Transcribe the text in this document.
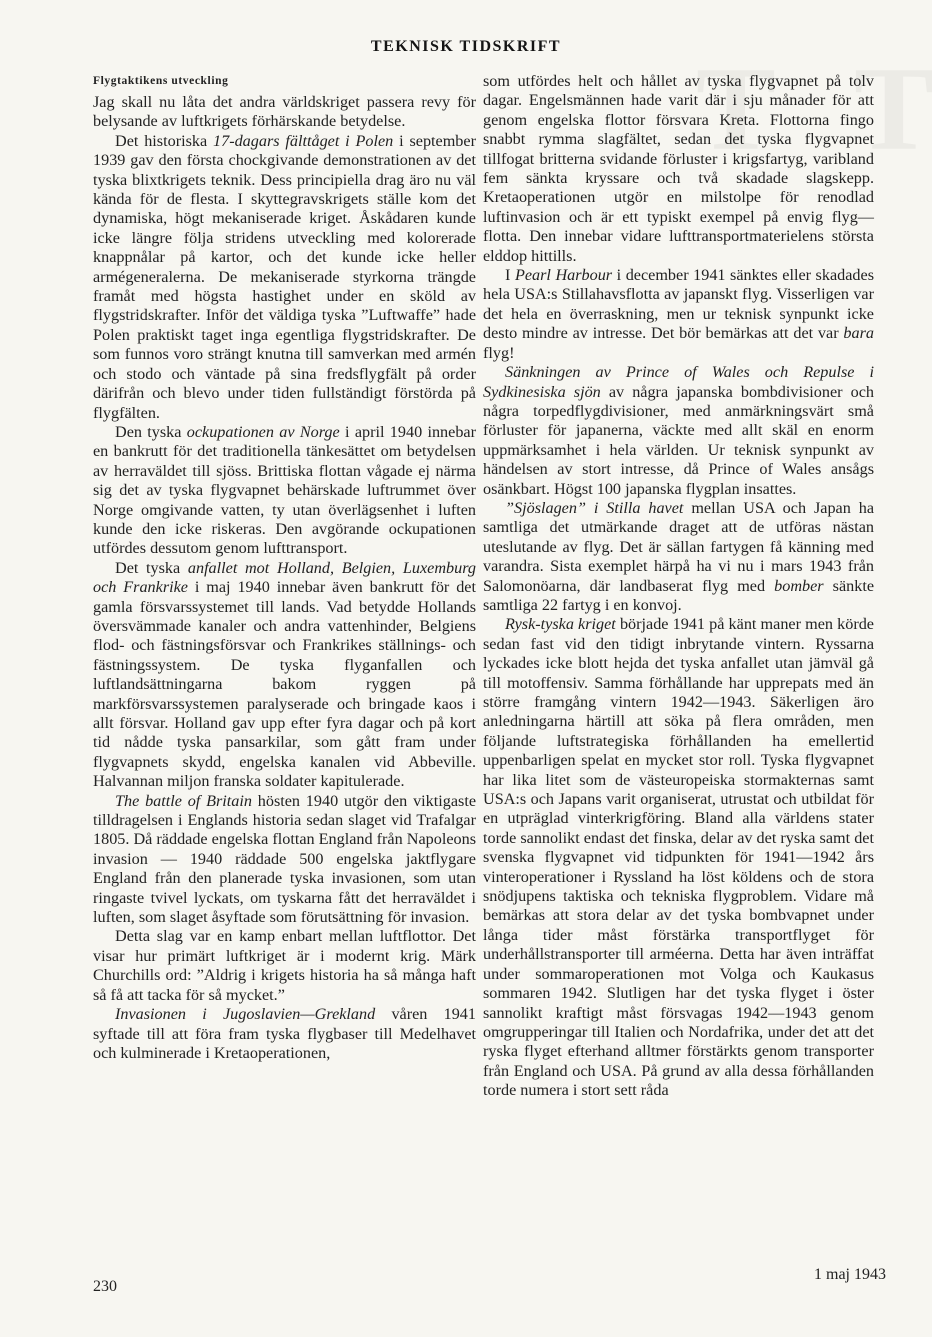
TEKNISK TIDSKRIFT
Flygtaktikens utveckling

Jag skall nu låta det andra världskriget passera revy för belysande av luftkrigets förhärskande betydelse.

Det historiska 17-dagars fälttåget i Polen i september 1939 gav den första chockgivande demonstrationen av det tyska blixtkrigets teknik. Dess principiella drag äro nu väl kända för de flesta. I skyttegravskrigets ställe kom det dynamiska, högt mekaniserade kriget. Åskådaren kunde icke längre följa stridens utveckling med kolorerade knappnålar på kartor, och det kunde icke heller armégeneralerna. De mekaniserade styrkorna trängde framåt med högsta hastighet under en sköld av flygstridskrafter. Inför det väldiga tyska ”Luftwaffe” hade Polen praktiskt taget inga egentliga flygstridskrafter. De som funnos voro strängt knutna till samverkan med armén och stodo och väntade på sina fredsflygfält på order därifrån och blevo under tiden fullständigt förstörda på flygfälten.

Den tyska ockupationen av Norge i april 1940 innebar en bankrutt för det traditionella tänkesättet om betydelsen av herraväldet till sjöss. Brittiska flottan vågade ej närma sig det av tyska flygvapnet behärskade luftrummet över Norge omgivande vatten, ty utan överlägsenhet i luften kunde den icke riskeras. Den avgörande ockupationen utfördes dessutom genom lufttransport.

Det tyska anfallet mot Holland, Belgien, Luxemburg och Frankrike i maj 1940 innebar även bankrutt för det gamla försvarssystemet till lands. Vad betydde Hollands översvämmade kanaler och andra vattenhinder, Belgiens flod- och fästningsförsvar och Frankrikes ställnings- och fästningssystem. De tyska flyganfallen och luftlandsättningarna bakom ryggen på markförsvarssystemen paralyserade och bringade kaos i allt försvar. Holland gav upp efter fyra dagar och på kort tid nådde tyska pansarkilar, som gått fram under flygvapnets skydd, engelska kanalen vid Abbeville. Halvannan miljon franska soldater kapitulerade.

The battle of Britain hösten 1940 utgör den viktigaste tilldragelsen i Englands historia sedan slaget vid Trafalgar 1805. Då räddade engelska flottan England från Napoleons invasion — 1940 räddade 500 engelska jaktflygare England från den planerade tyska invasionen, som utan ringaste tvivel lyckats, om tyskarna fått det herraväldet i luften, som slaget åsyftade som förutsättning för invasion.

Detta slag var en kamp enbart mellan luftflottor. Det visar hur primärt luftkriget är i modernt krig. Märk Churchills ord: ”Aldrig i krigets historia ha så många haft så få att tacka för så mycket.”

Invasionen i Jugoslavien—Grekland våren 1941 syftade till att föra fram tyska flygbaser till Medelhavet och kulminerade i Kretaoperationen,

som utfördes helt och hållet av tyska flygvapnet på tolv dagar. Engelsmännen hade varit där i sju månader för att genom engelska flottor försvara Kreta. Flottorna fingo snabbt rymma slagfältet, sedan det tyska flygvapnet tillfogat britterna svidande förluster i krigsfartyg, varibland fem sänkta kryssare och två skadade slagskepp. Kretaoperationen utgör en milstolpe för renodlad luftinvasion och är ett typiskt exempel på envig flyg—flotta. Den innebar vidare lufttransportmaterielens största elddop hittills.

I Pearl Harbour i december 1941 sänktes eller skadades hela USA:s Stillahavsflotta av japanskt flyg. Visserligen var det hela en överraskning, men ur teknisk synpunkt icke desto mindre av intresse. Det bör bemärkas att det var bara flyg!

Sänkningen av Prince of Wales och Repulse i Sydkinesiska sjön av några japanska bombdivisioner och några torpedflygdivisioner, med anmärkningsvärt små förluster för japanerna, väckte med allt skäl en enorm uppmärksamhet i hela världen. Ur teknisk synpunkt av händelsen av stort intresse, då Prince of Wales ansågs osänkbart. Högst 100 japanska flygplan insattes.

”Sjöslagen” i Stilla havet mellan USA och Japan ha samtliga det utmärkande draget att de utföras nästan uteslutande av flyg. Det är sällan fartygen få känning med varandra. Sista exemplet härpå ha vi nu i mars 1943 från Salomonöarna, där landbaserat flyg med bomber sänkte samtliga 22 fartyg i en konvoj.

Rysk-tyska kriget började 1941 på känt maner men körde sedan fast vid den tidigt inbrytande vintern. Ryssarna lyckades icke blott hejda det tyska anfallet utan jämväl gå till motoffensiv. Samma förhållande har upprepats med än större framgång vintern 1942—1943. Säkerligen äro anledningarna härtill att söka på flera områden, men följande luftstrategiska förhållanden ha emellertid uppenbarligen spelat en mycket stor roll. Tyska flygvapnet har lika litet som de västeuropeiska stormakternas samt USA:s och Japans varit organiserat, utrustat och utbildat för en utpräglad vinterkrigföring. Bland alla världens stater torde sannolikt endast det finska, delar av det ryska samt det svenska flygvapnet vid tidpunkten för 1941—1942 års vinteroperationer i Ryssland ha löst köldens och de stora snödjupens taktiska och tekniska flygproblem. Vidare må bemärkas att stora delar av det tyska bombvapnet under långa tider måst förstärka transportflyget för underhållstransporter till arméerna. Detta har även inträffat under sommaroperationen mot Volga och Kaukasus sommaren 1942. Slutligen har det tyska flyget i öster sannolikt kraftigt måst försvagas 1942—1943 genom omgrupperingar till Italien och Nordafrika, under det att det ryska flyget efterhand alltmer förstärkts genom transporter från England och USA. På grund av alla dessa förhållanden torde numera i stort sett råda

230
1 maj 1943
